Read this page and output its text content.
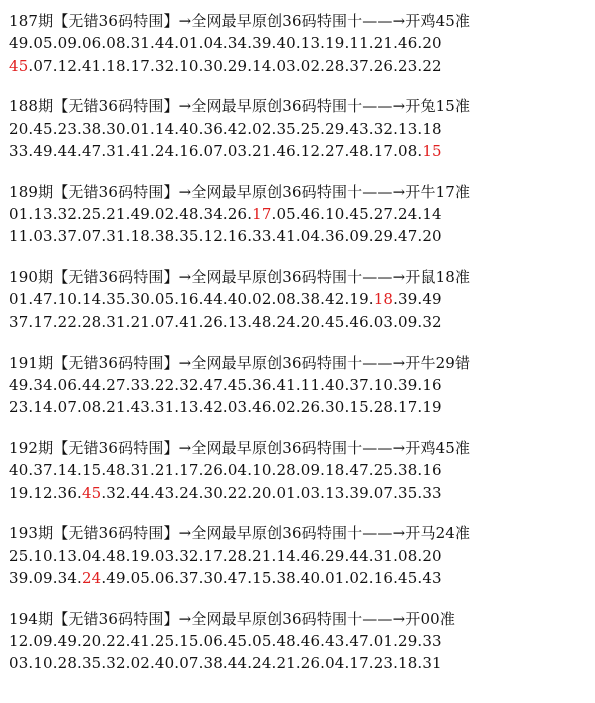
187期【无错36码特围】→全网最早原创36码特围十——→开鸡45准
49.05.09.06.08.31.44.01.04.34.39.40.13.19.11.21.46.20
45.07.12.41.18.17.32.10.30.29.14.03.02.28.37.26.23.22
188期【无错36码特围】→全网最早原创36码特围十——→开兔15准
20.45.23.38.30.01.14.40.36.42.02.35.25.29.43.32.13.18
33.49.44.47.31.41.24.16.07.03.21.46.12.27.48.17.08.15
189期【无错36码特围】→全网最早原创36码特围十——→开牛17准
01.13.32.25.21.49.02.48.34.26.17.05.46.10.45.27.24.14
11.03.37.07.31.18.38.35.12.16.33.41.04.36.09.29.47.20
190期【无错36码特围】→全网最早原创36码特围十——→开鼠18准
01.47.10.14.35.30.05.16.44.40.02.08.38.42.19.18.39.49
37.17.22.28.31.21.07.41.26.13.48.24.20.45.46.03.09.32
191期【无错36码特围】→全网最早原创36码特围十——→开牛29错
49.34.06.44.27.33.22.32.47.45.36.41.11.40.37.10.39.16
23.14.07.08.21.43.31.13.42.03.46.02.26.30.15.28.17.19
192期【无错36码特围】→全网最早原创36码特围十——→开鸡45准
40.37.14.15.48.31.21.17.26.04.10.28.09.18.47.25.38.16
19.12.36.45.32.44.43.24.30.22.20.01.03.13.39.07.35.33
193期【无错36码特围】→全网最早原创36码特围十——→开马24准
25.10.13.04.48.19.03.32.17.28.21.14.46.29.44.31.08.20
39.09.34.24.49.05.06.37.30.47.15.38.40.01.02.16.45.43
194期【无错36码特围】→全网最早原创36码特围十——→开00准
12.09.49.20.22.41.25.15.06.45.05.48.46.43.47.01.29.33
03.10.28.35.32.02.40.07.38.44.24.21.26.04.17.23.18.31
